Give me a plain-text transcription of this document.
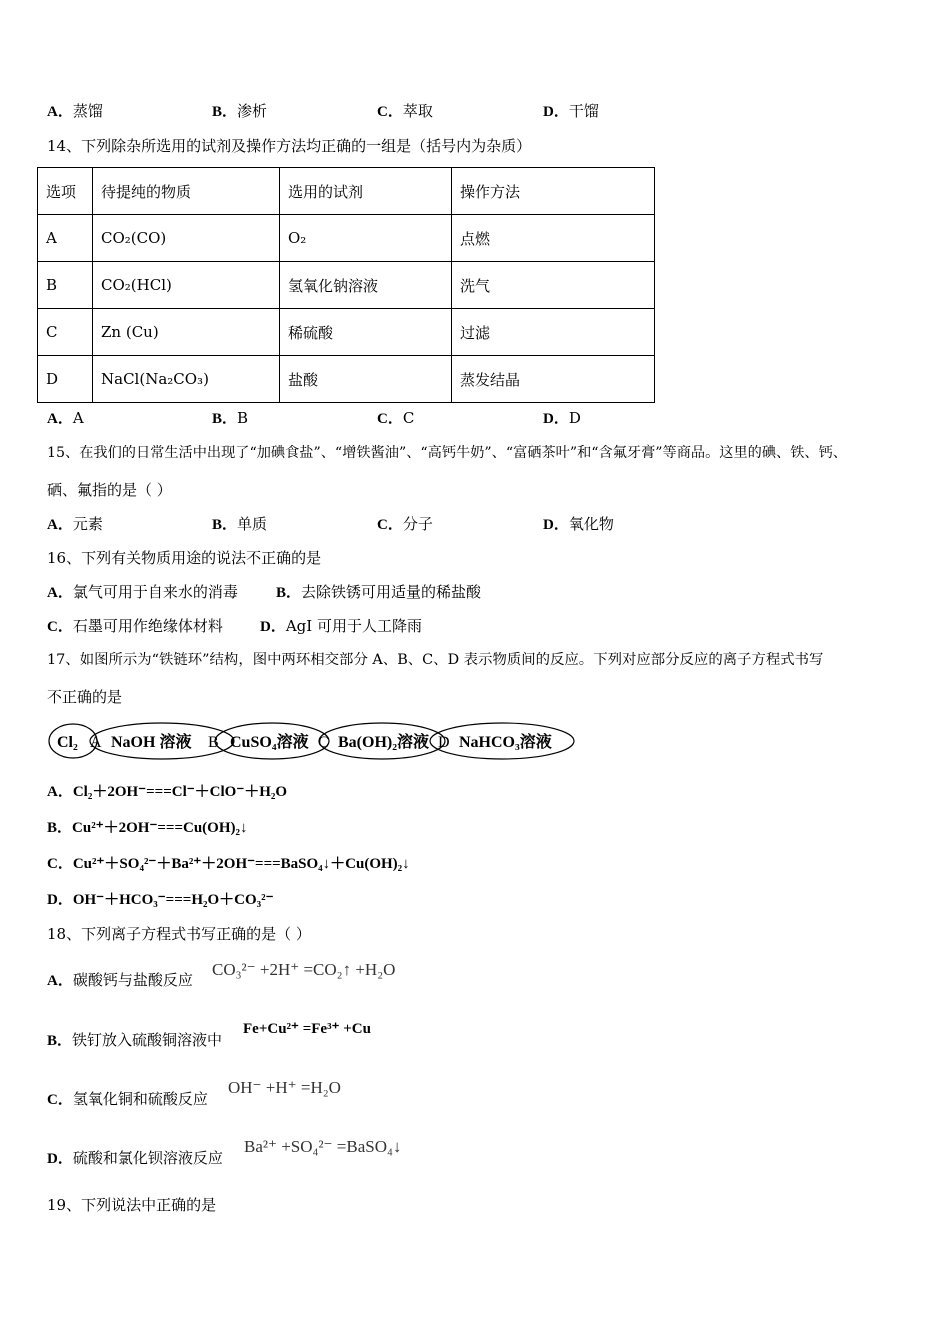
A．蒸馏	B．渗析	C．萃取	D．干馏
14、下列除杂所选用的试剂及操作方法均正确的一组是（括号内为杂质）
选项	待提纯的物质	选用的试剂	操作方法
A	CO₂(CO)	O₂	点燃
B	CO₂(HCl)	氢氧化钠溶液	洗气
C	Zn (Cu)	稀硫酸	过滤
D	NaCl(Na₂CO₃)	盐酸	蒸发结晶
A．A	B．B	C．C	D．D
15、在我们的日常生活中出现了“加碘食盐”、“增铁酱油”、“高钙牛奶”、“富硒茶叶”和“含氟牙膏”等商品。这里的碘、铁、钙、
硒、氟指的是（ ）
A．元素	B．单质	C．分子	D．氧化物
16、下列有关物质用途的说法不正确的是
A．氯气可用于自来水的消毒	B．去除铁锈可用适量的稀盐酸
C．石墨可用作绝缘体材料 D．AgI 可用于人工降雨
17、如图所示为“铁链环”结构，图中两环相交部分 A、B、C、D 表示物质间的反应。下列对应部分反应的离子方程式书写
不正确的是
Cl₂ NaOH 溶液 CuSO₄溶液 Ba(OH)₂溶液 NaHCO₃溶液
A	B	C	D
A．Cl₂＋2OH⁻===Cl⁻＋ClO⁻＋H₂O
B．Cu²⁺＋2OH⁻===Cu(OH)₂↓
C．Cu²⁺＋SO₄²⁻＋Ba²⁺＋2OH⁻===BaSO₄↓＋Cu(OH)₂↓
D．OH⁻＋HCO₃⁻===H₂O＋CO₃²⁻
18、下列离子方程式书写正确的是（ ）
A．碳酸钙与盐酸反应
CO₃²⁻ +2H⁺ =CO₂↑ +H₂O
B．铁钉放入硫酸铜溶液中
Fe+Cu²⁺ =Fe³⁺ +Cu
C．氢氧化铜和硫酸反应
OH⁻ +H⁺ =H₂O
D．硫酸和氯化钡溶液反应
Ba²⁺ +SO₄²⁻ =BaSO₄↓
19、下列说法中正确的是
